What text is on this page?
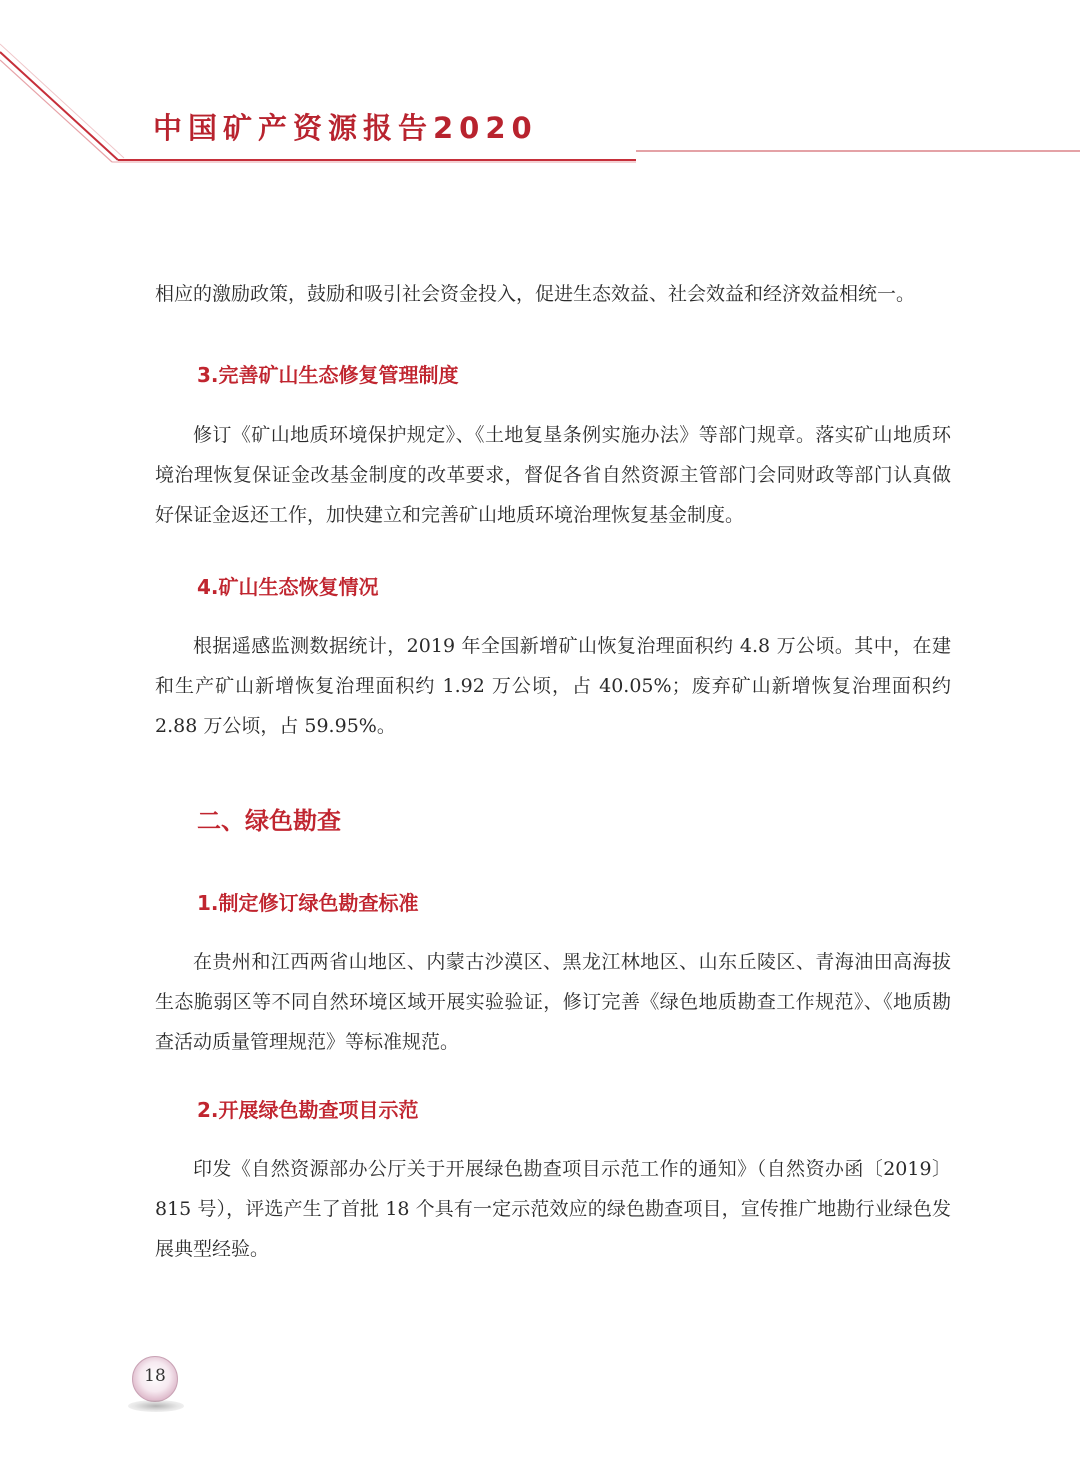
中国矿产资源报告2020

相应的激励政策，鼓励和吸引社会资金投入，促进生态效益、社会效益和经济效益相统一。

3.完善矿山生态修复管理制度

修订《矿山地质环境保护规定》、《土地复垦条例实施办法》等部门规章。落实矿山地质环境治理恢复保证金改基金制度的改革要求，督促各省自然资源主管部门会同财政等部门认真做好保证金返还工作，加快建立和完善矿山地质环境治理恢复基金制度。

4.矿山生态恢复情况

根据遥感监测数据统计，2019 年全国新增矿山恢复治理面积约 4.8 万公顷。其中，在建和生产矿山新增恢复治理面积约 1.92 万公顷，占 40.05%；废弃矿山新增恢复治理面积约 2.88 万公顷，占 59.95%。

二、绿色勘查
1.制定修订绿色勘查标准

在贵州和江西两省山地区、内蒙古沙漠区、黑龙江林地区、山东丘陵区、青海油田高海拔生态脆弱区等不同自然环境区域开展实验验证，修订完善《绿色地质勘查工作规范》、《地质勘查活动质量管理规范》等标准规范。

2.开展绿色勘查项目示范

印发《自然资源部办公厅关于开展绿色勘查项目示范工作的通知》（自然资办函〔2019〕815 号），评选产生了首批 18 个具有一定示范效应的绿色勘查项目，宣传推广地勘行业绿色发展典型经验。

18
